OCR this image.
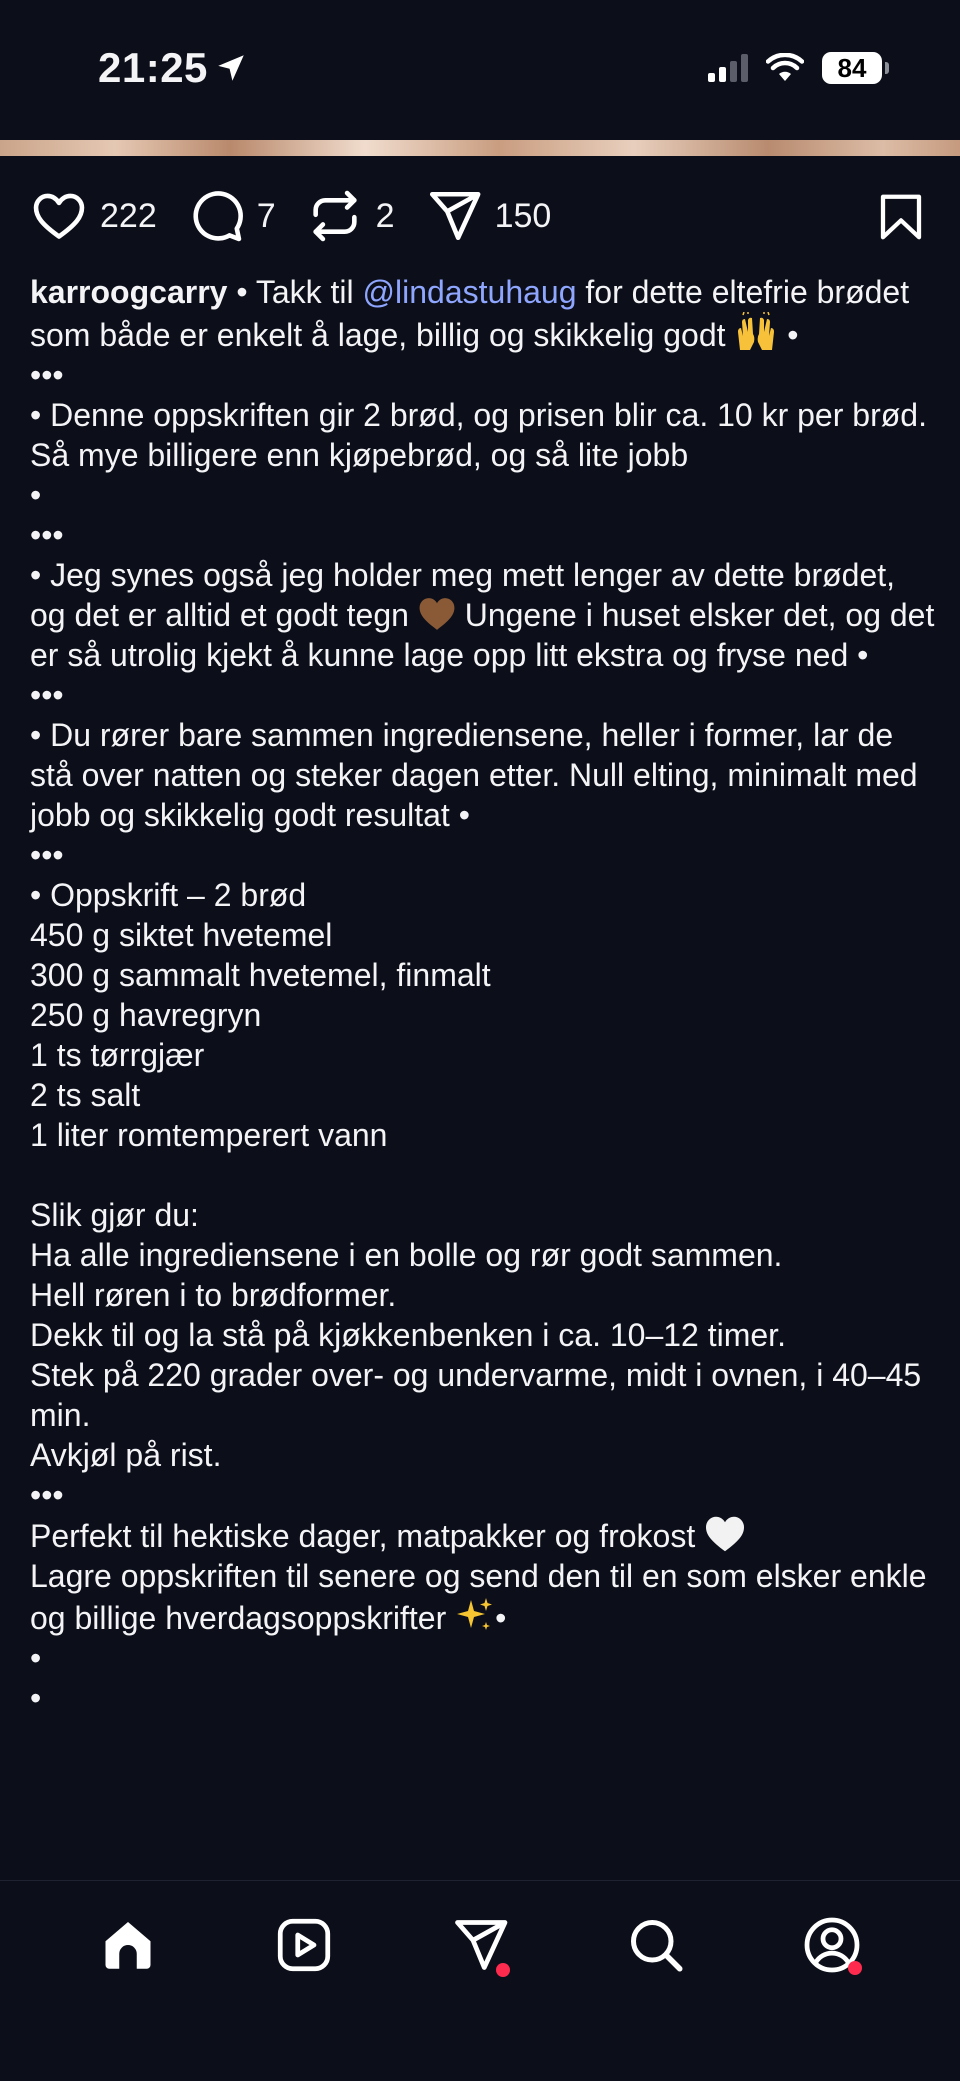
21:25	84
222	7	2	150

karroogcarry • Takk til @lindastuhaug for dette eltefrie brødet som både er enkelt å lage, billig og skikkelig godt  •

•••

• Denne oppskriften gir 2 brød, og prisen blir ca. 10 kr per brød. Så mye billigere enn kjøpebrød, og så lite jobb

•

•••

• Jeg synes også jeg holder meg mett lenger av dette brødet, og det er alltid et godt tegn  Ungene i huset elsker det, og det er så utrolig kjekt å kunne lage opp litt ekstra og fryse ned •

•••

• Du rører bare sammen ingrediensene, heller i former, lar de stå over natten og steker dagen etter. Null elting, minimalt med jobb og skikkelig godt resultat •

•••

• Oppskrift – 2 brød

450 g siktet hvetemel

300 g sammalt hvetemel, finmalt

250 g havregryn

1 ts tørrgjær

2 ts salt

1 liter romtemperert vann

Slik gjør du:

Ha alle ingrediensene i en bolle og rør godt sammen.

Hell røren i to brødformer.

Dekk til og la stå på kjøkkenbenken i ca. 10–12 timer.

Stek på 220 grader over- og undervarme, midt i ovnen, i 40–45 min.

Avkjøl på rist.

•••

Perfekt til hektiske dager, matpakker og frokost

Lagre oppskriften til senere og send den til en som elsker enkle og billige hverdagsoppskrifter •

•

•
